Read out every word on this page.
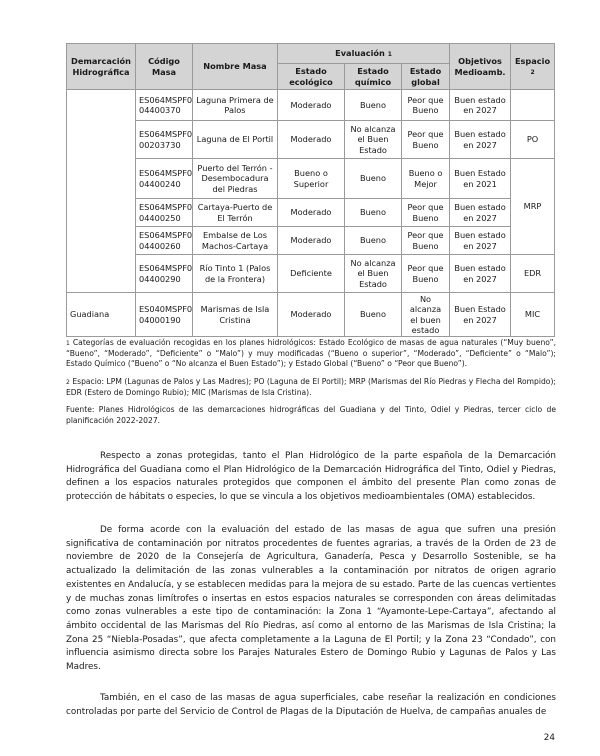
Demarcación Hidrográfica	Código Masa	Nombre Masa	Evaluación 1			Objetivos Medioamb.	Espacio 2
			Estado ecológico	Estado químico	Estado global		
	ES064MSPF0 04400370	Laguna Primera de Palos	Moderado	Bueno	Peor que Bueno	Buen estado en 2027	
	ES064MSPF0 00203730	Laguna de El Portil	Moderado	No alcanza el Buen Estado	Peor que Bueno	Buen estado en 2027	PO
	ES064MSPF0 04400240	Puerto del Terrón - Desembocadura del Piedras	Bueno o Superior	Bueno	Bueno o Mejor	Buen Estado en 2021	MRP
	ES064MSPF0 04400250	Cartaya-Puerto de El Terrón	Moderado	Bueno	Peor que Bueno	Buen estado en 2027	
	ES064MSPF0 04400260	Embalse de Los Machos-Cartaya	Moderado	Bueno	Peor que Bueno	Buen estado en 2027	
	ES064MSPF0 04400290	Río Tinto 1 (Palos de la Frontera)	Deficiente	No alcanza el Buen Estado	Peor que Bueno	Buen estado en 2027	EDR
Guadiana	ES040MSPF0 04000190	Marismas de Isla Cristina	Moderado	Bueno	No alcanza el buen estado	Buen Estado en 2027	MIC
1 Categorías de evaluación recogidas en los planes hidrológicos: Estado Ecológico de masas de agua naturales (“Muy bueno”, “Bueno”, “Moderado”, “Deficiente” o “Malo”) y muy modificadas (“Bueno o superior”, “Moderado”, “Deficiente” o “Malo”); Estado Químico (“Bueno” o “No alcanza el Buen Estado”); y Estado Global (“Bueno” o “Peor que Bueno”).
2 Espacio: LPM (Lagunas de Palos y Las Madres); PO (Laguna de El Portil); MRP (Marismas del Río Piedras y Flecha del Rompido); EDR (Estero de Domingo Rubio); MIC (Marismas de Isla Cristina).
Fuente: Planes Hidrológicos de las demarcaciones hidrográficas del Guadiana y del Tinto, Odiel y Piedras, tercer ciclo de planificación 2022-2027.

Respecto a zonas protegidas, tanto el Plan Hidrológico de la parte española de la Demarcación Hidrográfica del Guadiana como el Plan Hidrológico de la Demarcación Hidrográfica del Tinto, Odiel y Piedras, definen a los espacios naturales protegidos que componen el ámbito del presente Plan como zonas de protección de hábitats o especies, lo que se vincula a los objetivos medioambientales (OMA) establecidos.

De forma acorde con la evaluación del estado de las masas de agua que sufren una presión significativa de contaminación por nitratos procedentes de fuentes agrarias, a través de la Orden de 23 de noviembre de 2020 de la Consejería de Agricultura, Ganadería, Pesca y Desarrollo Sostenible, se ha actualizado la delimitación de las zonas vulnerables a la contaminación por nitratos de origen agrario existentes en Andalucía, y se establecen medidas para la mejora de su estado. Parte de las cuencas vertientes y de muchas zonas limítrofes o insertas en estos espacios naturales se corresponden con áreas delimitadas como zonas vulnerables a este tipo de contaminación: la Zona 1 “Ayamonte-Lepe-Cartaya”, afectando al ámbito occidental de las Marismas del Río Piedras, así como al entorno de las Marismas de Isla Cristina; la Zona 25 “Niebla-Posadas”, que afecta completamente a la Laguna de El Portil; y la Zona 23 “Condado”, con influencia asimismo directa sobre los Parajes Naturales Estero de Domingo Rubio y Lagunas de Palos y Las Madres.

También, en el caso de las masas de agua superficiales, cabe reseñar la realización en condiciones controladas por parte del Servicio de Control de Plagas de la Diputación de Huelva, de campañas anuales de

24
